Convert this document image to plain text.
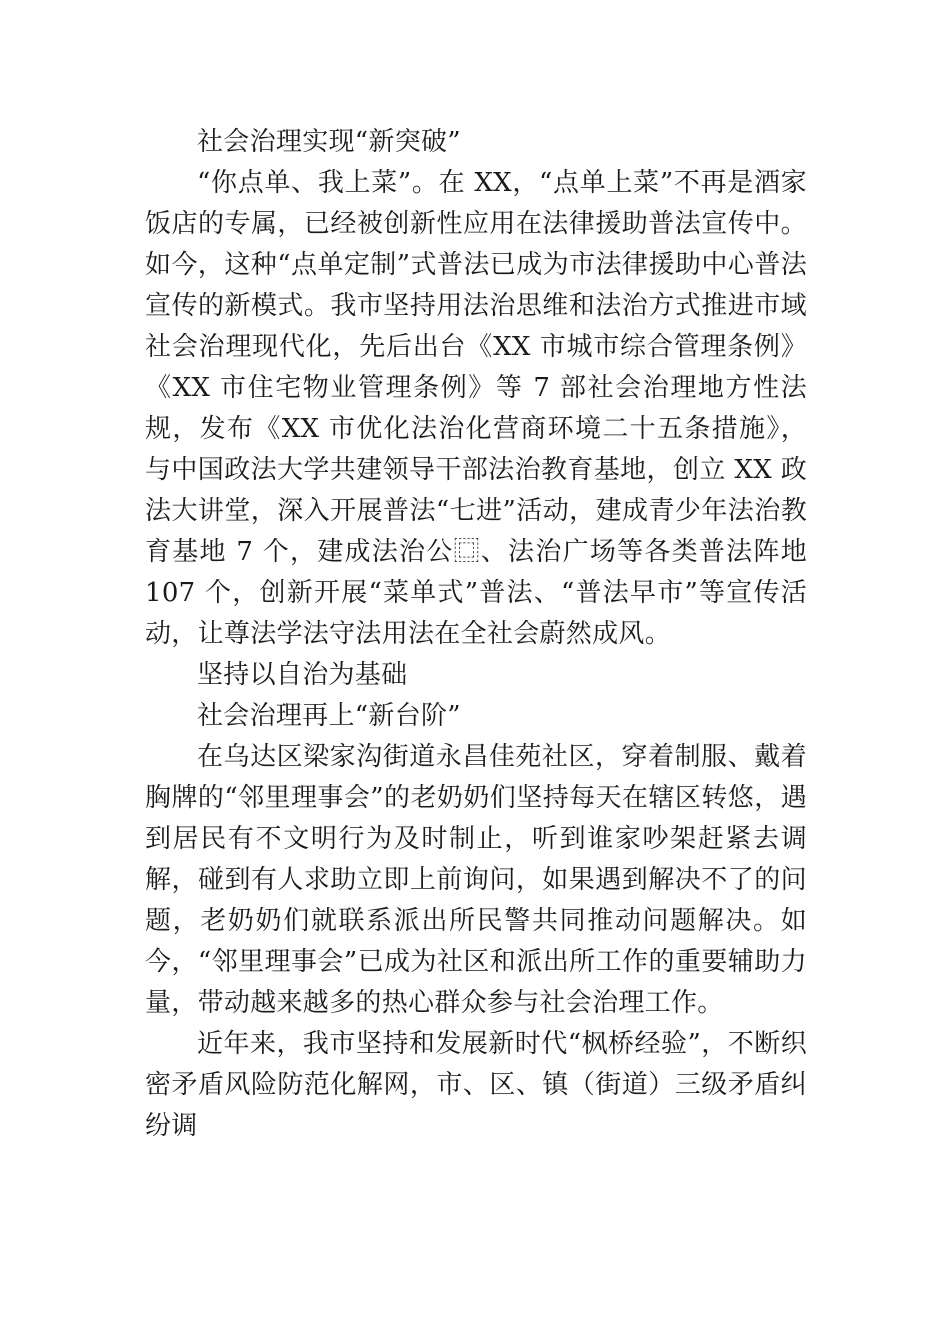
社会治理实现“新突破”

“你点单、我上菜”。在 XX，“点单上菜”不再是酒家饭店的专属，已经被创新性应用在法律援助普法宣传中。如今，这种“点单定制”式普法已成为市法律援助中心普法宣传的新模式。我市坚持用法治思维和法治方式推进市域社会治理现代化，先后出台《XX 市城市综合管理条例》《XX 市住宅物业管理条例》等 7 部社会治理地方性法规，发布《XX 市优化法治化营商环境二十五条措施》，与中国政法大学共建领导干部法治教育基地，创立 XX 政法大讲堂，深入开展普法“七进”活动，建成青少年法治教育基地 7 个，建成法治公⿴、法治广场等各类普法阵地 107 个，创新开展“菜单式”普法、“普法早市”等宣传活动，让尊法学法守法用法在全社会蔚然成风。

坚持以自治为基础

社会治理再上“新台阶”

在乌达区梁家沟街道永昌佳苑社区，穿着制服、戴着胸牌的“邻里理事会”的老奶奶们坚持每天在辖区转悠，遇到居民有不文明行为及时制止，听到谁家吵架赶紧去调解，碰到有人求助立即上前询问，如果遇到解决不了的问题，老奶奶们就联系派出所民警共同推动问题解决。如今，“邻里理事会”已成为社区和派出所工作的重要辅助力量，带动越来越多的热心群众参与社会治理工作。

近年来，我市坚持和发展新时代“枫桥经验”，不断织密矛盾风险防范化解网，市、区、镇（街道）三级矛盾纠纷调
